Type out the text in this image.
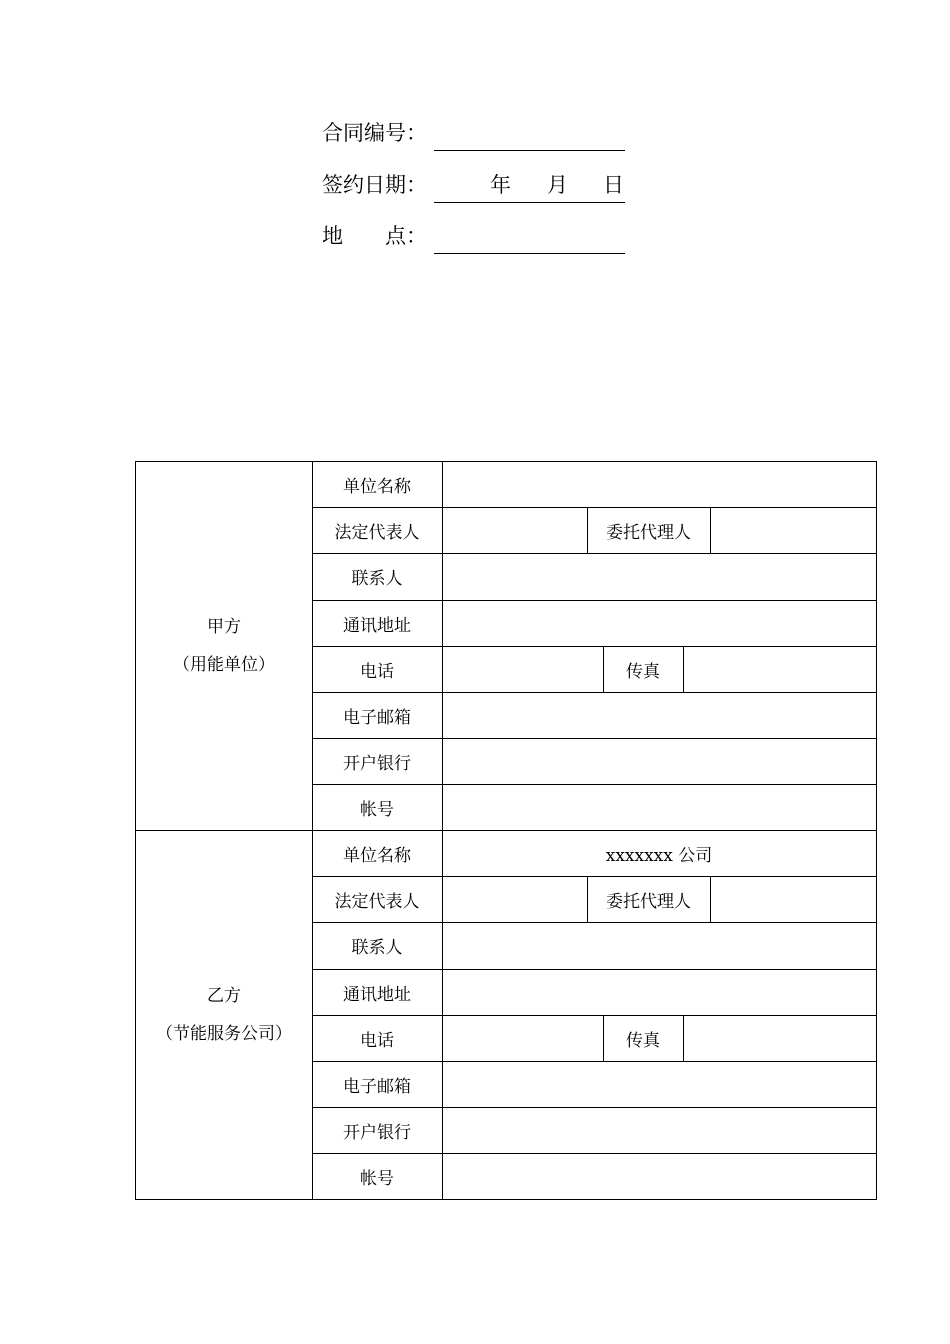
合同编号：
签约日期：	年 月 日
地　　点：
甲方
（用能单位）
单位名称
法定代表人	委托代理人
联系人
通讯地址
电话	传真
电子邮箱
开户银行
帐号
乙方
（节能服务公司）
单位名称	xxxxxxx 公司
法定代表人	委托代理人
联系人
通讯地址
电话	传真
电子邮箱
开户银行
帐号
